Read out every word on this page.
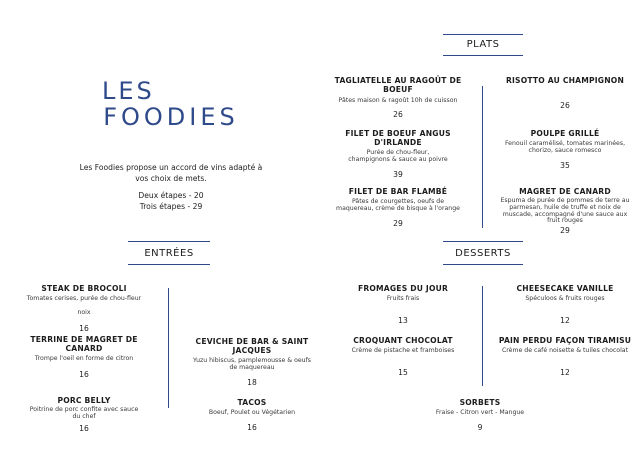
LES
FOODIES
Les Foodies propose un accord de vins adapté à vos choix de mets.
Deux étapes - 20
Trois étapes - 29
PLATS
TAGLIATELLE AU RAGOÛT DE BOEUF
Pâtes maison & ragoût 10h de cuisson
26
RISOTTO AU CHAMPIGNON
26
FILET DE BOEUF ANGUS D'IRLANDE
Purée de chou-fleur, champignons & sauce au poivre
39
POULPE GRILLÉ
Fenouil caramélisé, tomates marinées, chorizo, sauce romesco
35
FILET DE BAR FLAMBÉ
Pâtes de courgettes, oeufs de maquereau, crème de bisque à l'orange
29
MAGRET DE CANARD
Espuma de purée de pommes de terre au parmesan, huile de truffe et noix de muscade, accompagné d'une sauce aux fruit rouges
29
ENTRÉES
STEAK DE BROCOLI
Tomates cerises, purée de chou-fleur
noix
16
TERRINE DE MAGRET DE CANARD
Trompe l'oeil en forme de citron
16
CEVICHE DE BAR & SAINT JACQUES
Yuzu hibiscus, pamplemousse & oeufs de maquereau
18
PORC BELLY
Poitrine de porc confite avec sauce du chef
16
TACOS
Boeuf, Poulet ou Végétarien
16
DESSERTS
FROMAGES DU JOUR
Fruits frais
13
CHEESECAKE VANILLE
Spéculoos & fruits rouges
12
CROQUANT CHOCOLAT
Crème de pistache et framboises
15
PAIN PERDU FAÇON TIRAMISU
Crème de café noisette & tuiles chocolat
12
SORBETS
Fraise - Citron vert - Mangue
9
